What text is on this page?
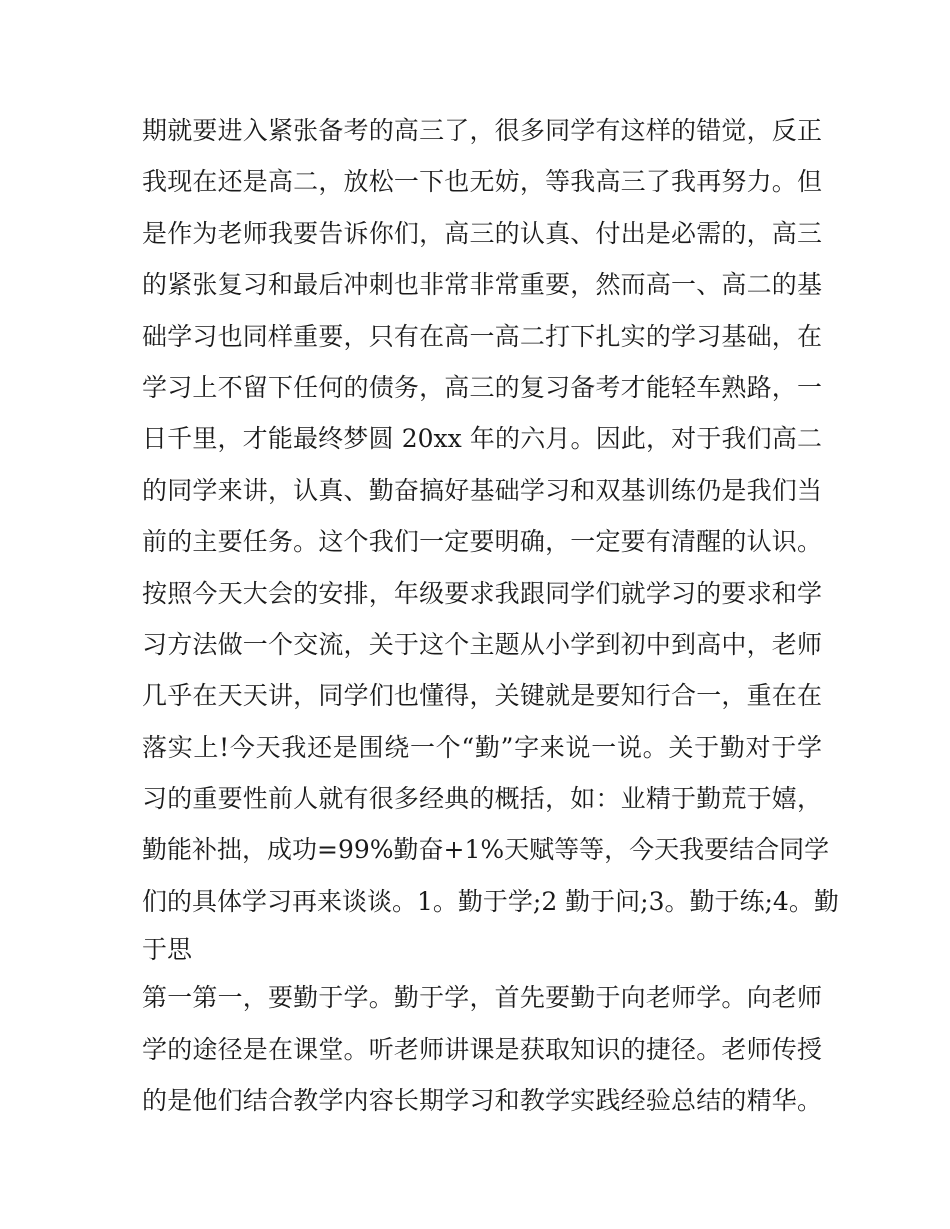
期就要进入紧张备考的高三了，很多同学有这样的错觉，反正
我现在还是高二，放松一下也无妨，等我高三了我再努力。但
是作为老师我要告诉你们，高三的认真、付出是必需的，高三
的紧张复习和最后冲刺也非常非常重要，然而高一、高二的基
础学习也同样重要，只有在高一高二打下扎实的学习基础，在
学习上不留下任何的债务，高三的复习备考才能轻车熟路，一
日千里，才能最终梦圆 20xx 年的六月。因此，对于我们高二
的同学来讲，认真、勤奋搞好基础学习和双基训练仍是我们当
前的主要任务。这个我们一定要明确，一定要有清醒的认识。
按照今天大会的安排，年级要求我跟同学们就学习的要求和学
习方法做一个交流，关于这个主题从小学到初中到高中，老师
几乎在天天讲，同学们也懂得，关键就是要知行合一，重在在
落实上!今天我还是围绕一个“勤”字来说一说。关于勤对于学
习的重要性前人就有很多经典的概括，如：业精于勤荒于嬉，
勤能补拙，成功=99%勤奋+1%天赋等等，今天我要结合同学
们的具体学习再来谈谈。1。勤于学;2 勤于问;3。勤于练;4。勤
于思
第一第一，要勤于学。勤于学，首先要勤于向老师学。向老师
学的途径是在课堂。听老师讲课是获取知识的捷径。老师传授
的是他们结合教学内容长期学习和教学实践经验总结的精华。
